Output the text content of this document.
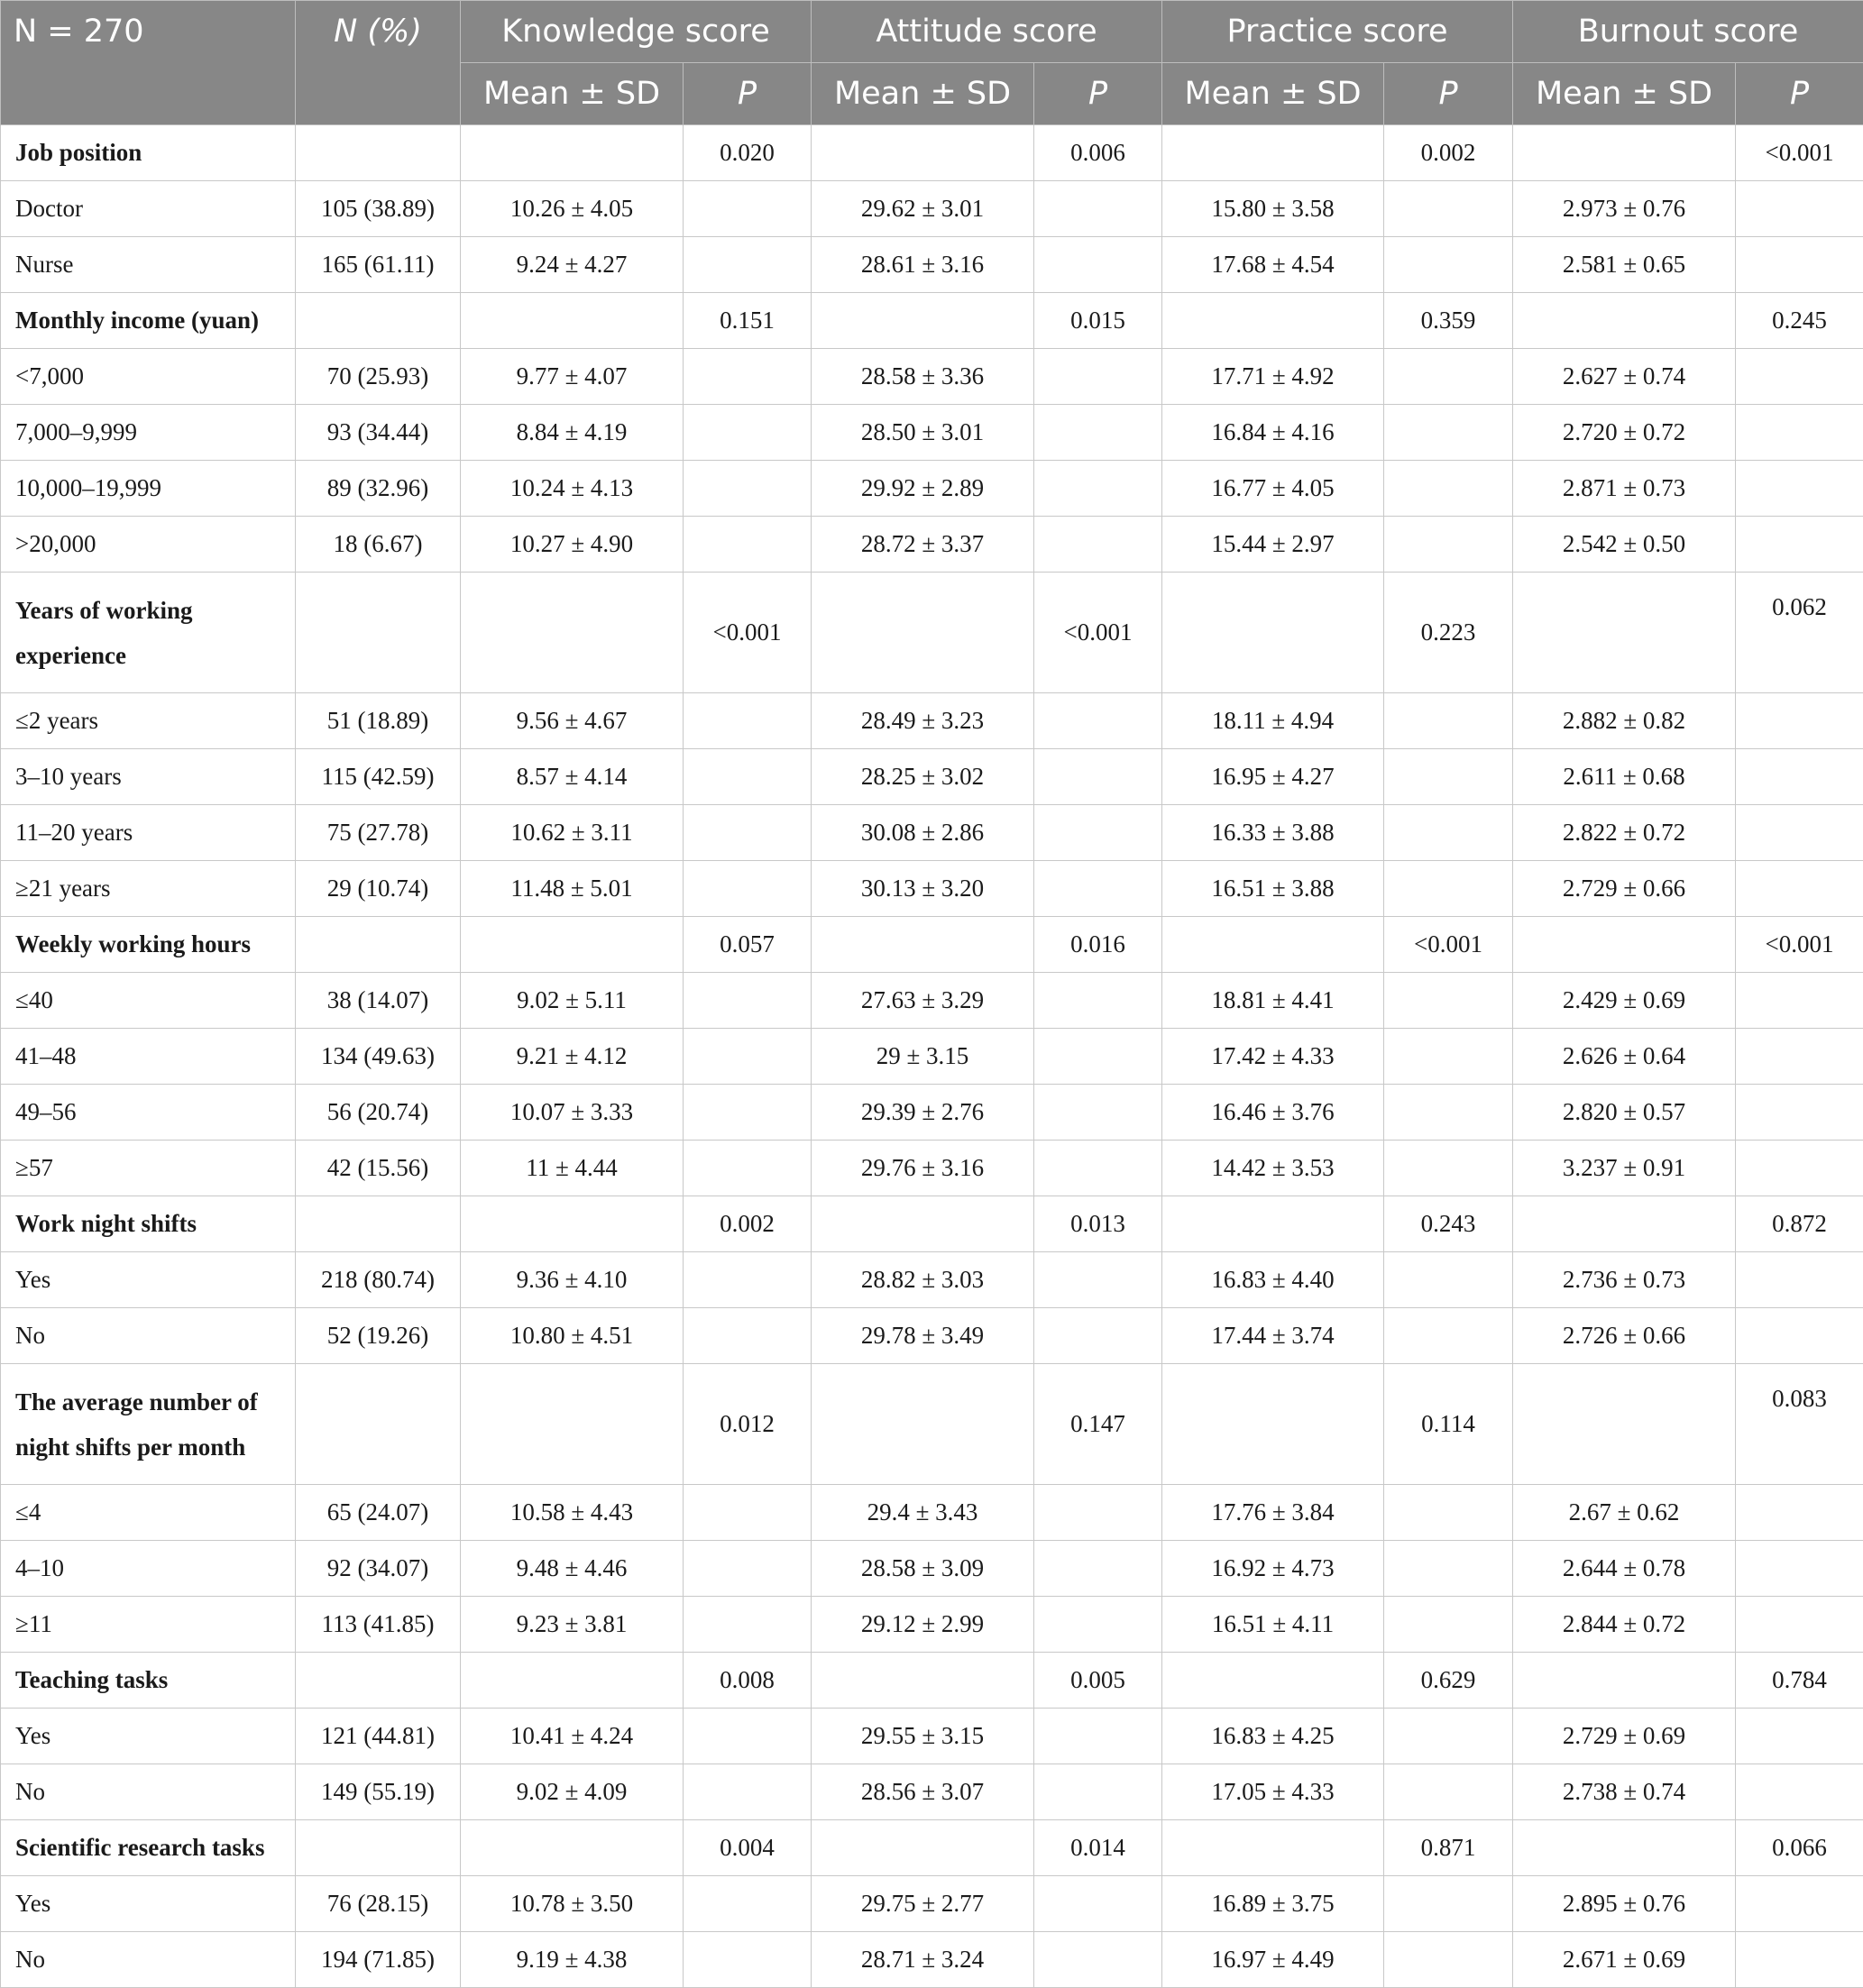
N = 270	N (%)	Knowledge score		Attitude score		Practice score		Burnout score	
		Mean ± SD	P	Mean ± SD	P	Mean ± SD	P	Mean ± SD	P
Job position			0.020		0.006		0.002		<0.001
Doctor	105 (38.89)	10.26 ± 4.05		29.62 ± 3.01		15.80 ± 3.58		2.973 ± 0.76	
Nurse	165 (61.11)	9.24 ± 4.27		28.61 ± 3.16		17.68 ± 4.54		2.581 ± 0.65	
Monthly income (yuan)			0.151		0.015		0.359		0.245
<7,000	70 (25.93)	9.77 ± 4.07		28.58 ± 3.36		17.71 ± 4.92		2.627 ± 0.74	
7,000–9,999	93 (34.44)	8.84 ± 4.19		28.50 ± 3.01		16.84 ± 4.16		2.720 ± 0.72	
10,000–19,999	89 (32.96)	10.24 ± 4.13		29.92 ± 2.89		16.77 ± 4.05		2.871 ± 0.73	
>20,000	18 (6.67)	10.27 ± 4.90		28.72 ± 3.37		15.44 ± 2.97		2.542 ± 0.50	
Years of working
experience			<0.001		<0.001		0.223		0.062
≤2 years	51 (18.89)	9.56 ± 4.67		28.49 ± 3.23		18.11 ± 4.94		2.882 ± 0.82	
3–10 years	115 (42.59)	8.57 ± 4.14		28.25 ± 3.02		16.95 ± 4.27		2.611 ± 0.68	
11–20 years	75 (27.78)	10.62 ± 3.11		30.08 ± 2.86		16.33 ± 3.88		2.822 ± 0.72	
≥21 years	29 (10.74)	11.48 ± 5.01		30.13 ± 3.20		16.51 ± 3.88		2.729 ± 0.66	
Weekly working hours			0.057		0.016		<0.001		<0.001
≤40	38 (14.07)	9.02 ± 5.11		27.63 ± 3.29		18.81 ± 4.41		2.429 ± 0.69	
41–48	134 (49.63)	9.21 ± 4.12		29 ± 3.15		17.42 ± 4.33		2.626 ± 0.64	
49–56	56 (20.74)	10.07 ± 3.33		29.39 ± 2.76		16.46 ± 3.76		2.820 ± 0.57	
≥57	42 (15.56)	11 ± 4.44		29.76 ± 3.16		14.42 ± 3.53		3.237 ± 0.91	
Work night shifts			0.002		0.013		0.243		0.872
Yes	218 (80.74)	9.36 ± 4.10		28.82 ± 3.03		16.83 ± 4.40		2.736 ± 0.73	
No	52 (19.26)	10.80 ± 4.51		29.78 ± 3.49		17.44 ± 3.74		2.726 ± 0.66	
The average number of
night shifts per month			0.012		0.147		0.114		0.083
≤4	65 (24.07)	10.58 ± 4.43		29.4 ± 3.43		17.76 ± 3.84		2.67 ± 0.62	
4–10	92 (34.07)	9.48 ± 4.46		28.58 ± 3.09		16.92 ± 4.73		2.644 ± 0.78	
≥11	113 (41.85)	9.23 ± 3.81		29.12 ± 2.99		16.51 ± 4.11		2.844 ± 0.72	
Teaching tasks			0.008		0.005		0.629		0.784
Yes	121 (44.81)	10.41 ± 4.24		29.55 ± 3.15		16.83 ± 4.25		2.729 ± 0.69	
No	149 (55.19)	9.02 ± 4.09		28.56 ± 3.07		17.05 ± 4.33		2.738 ± 0.74	
Scientific research tasks			0.004		0.014		0.871		0.066
Yes	76 (28.15)	10.78 ± 3.50		29.75 ± 2.77		16.89 ± 3.75		2.895 ± 0.76	
No	194 (71.85)	9.19 ± 4.38		28.71 ± 3.24		16.97 ± 4.49		2.671 ± 0.69	
